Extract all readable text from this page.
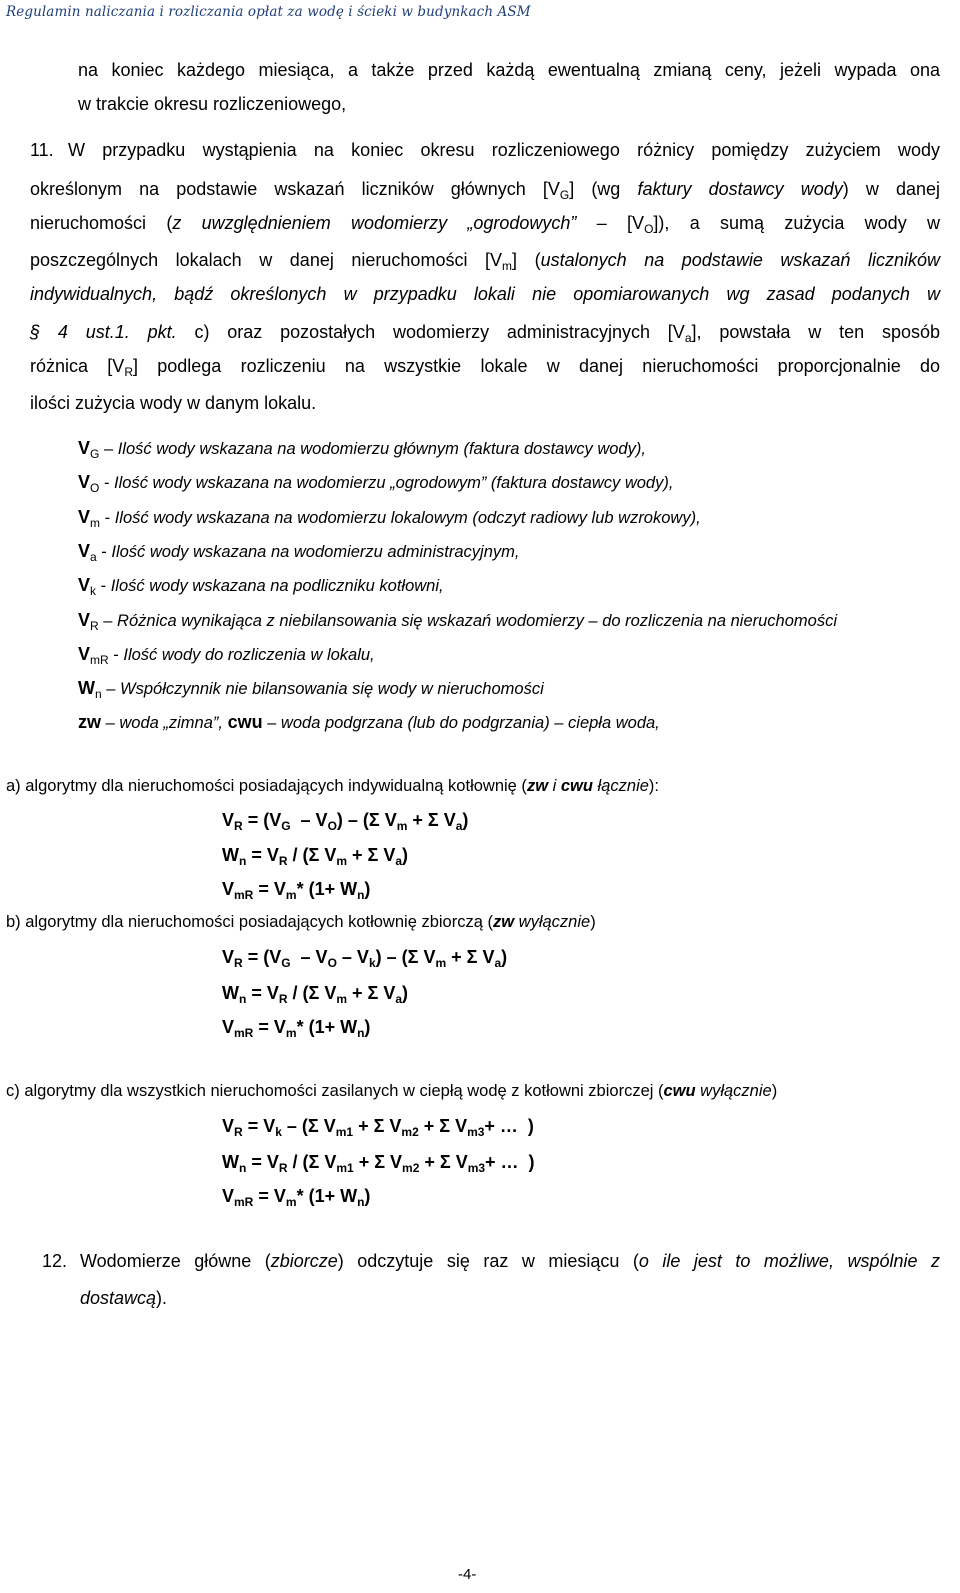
Regulamin naliczania i rozliczania opłat za wodę i ścieki w budynkach ASM
na koniec każdego miesiąca, a także przed każdą ewentualną zmianą ceny, jeżeli wypada ona
w trakcie okresu rozliczeniowego,
11. W przypadku wystąpienia na koniec okresu rozliczeniowego różnicy pomiędzy zużyciem wody
określonym na podstawie wskazań liczników głównych $[V_G]$ (wg faktury dostawcy wody) w danej
nieruchomości (z uwzględnieniem wodomierzy „ogrodowych” – $[V_O]$), a sumą zużycia wody w
poszczególnych lokalach w danej nieruchomości $[V_m]$ (ustalonych na podstawie wskazań liczników
indywidualnych, bądź określonych w przypadku lokali nie opomiarowanych wg zasad podanych w
§ 4 ust.1. pkt. c) oraz pozostałych wodomierzy administracyjnych $[V_a]$, powstała w ten sposób
różnica $[V_R]$ podlega rozliczeniu na wszystkie lokale w danej nieruchomości proporcjonalnie do
ilości zużycia wody w danym lokalu.
$V_G$ – Ilość wody wskazana na wodomierzu głównym (faktura dostawcy wody),
$V_O$ - Ilość wody wskazana na wodomierzu „ogrodowym” (faktura dostawcy wody),
$V_m$ - Ilość wody wskazana na wodomierzu lokalowym (odczyt radiowy lub wzrokowy),
$V_a$ - Ilość wody wskazana na wodomierzu administracyjnym,
$V_k$ - Ilość wody wskazana na podliczniku kotłowni,
$V_R$ – Różnica wynikająca z niebilansowania się wskazań wodomierzy – do rozliczenia na nieruchomości
$V_{mR}$ - Ilość wody do rozliczenia w lokalu,
$W_n$ – Współczynnik nie bilansowania się wody w nieruchomości
zw – woda „zimna”, cwu – woda podgrzana (lub do podgrzania) – ciepła woda,
a) algorytmy dla nieruchomości posiadających indywidualną kotłownię (zw i cwu łącznie):
$V_R = (V_G - V_O) - (\Sigma$ $V_m + \Sigma$ $V_a$)
$W_n = V_R / (\Sigma$ $V_m + \Sigma$ $V_a$)
$V_{mR} = V_m*$ $(1+ W_n)$
b) algorytmy dla nieruchomości posiadających kotłownię zbiorczą (zw wyłącznie)
$V_R = (V_G - V_O - V_k) - (\Sigma$ $V_m + \Sigma$ $V_a$)
$W_n = V_R / (\Sigma$ $V_m + \Sigma$ $V_a$)
$V_{mR} = V_m*$ $(1+ W_n)$
c) algorytmy dla wszystkich nieruchomości zasilanych w ciepłą wodę z kotłowni zbiorczej (cwu wyłącznie)
$V_R = V_k - (\Sigma$ $V_{m1} + \Sigma$ $V_{m2} + \Sigma$ $V_{m3}+$ …  )
$W_n = V_R / (\Sigma$ $V_{m1} + \Sigma$ $V_{m2} + \Sigma$ $V_{m3}+$ …  )
$V_{mR} = V_m*$ $(1+ W_n)$
12. Wodomierze główne (zbiorcze) odczytuje się raz w miesiącu (o ile jest to możliwe, wspólnie z
dostawcą).
-4-
